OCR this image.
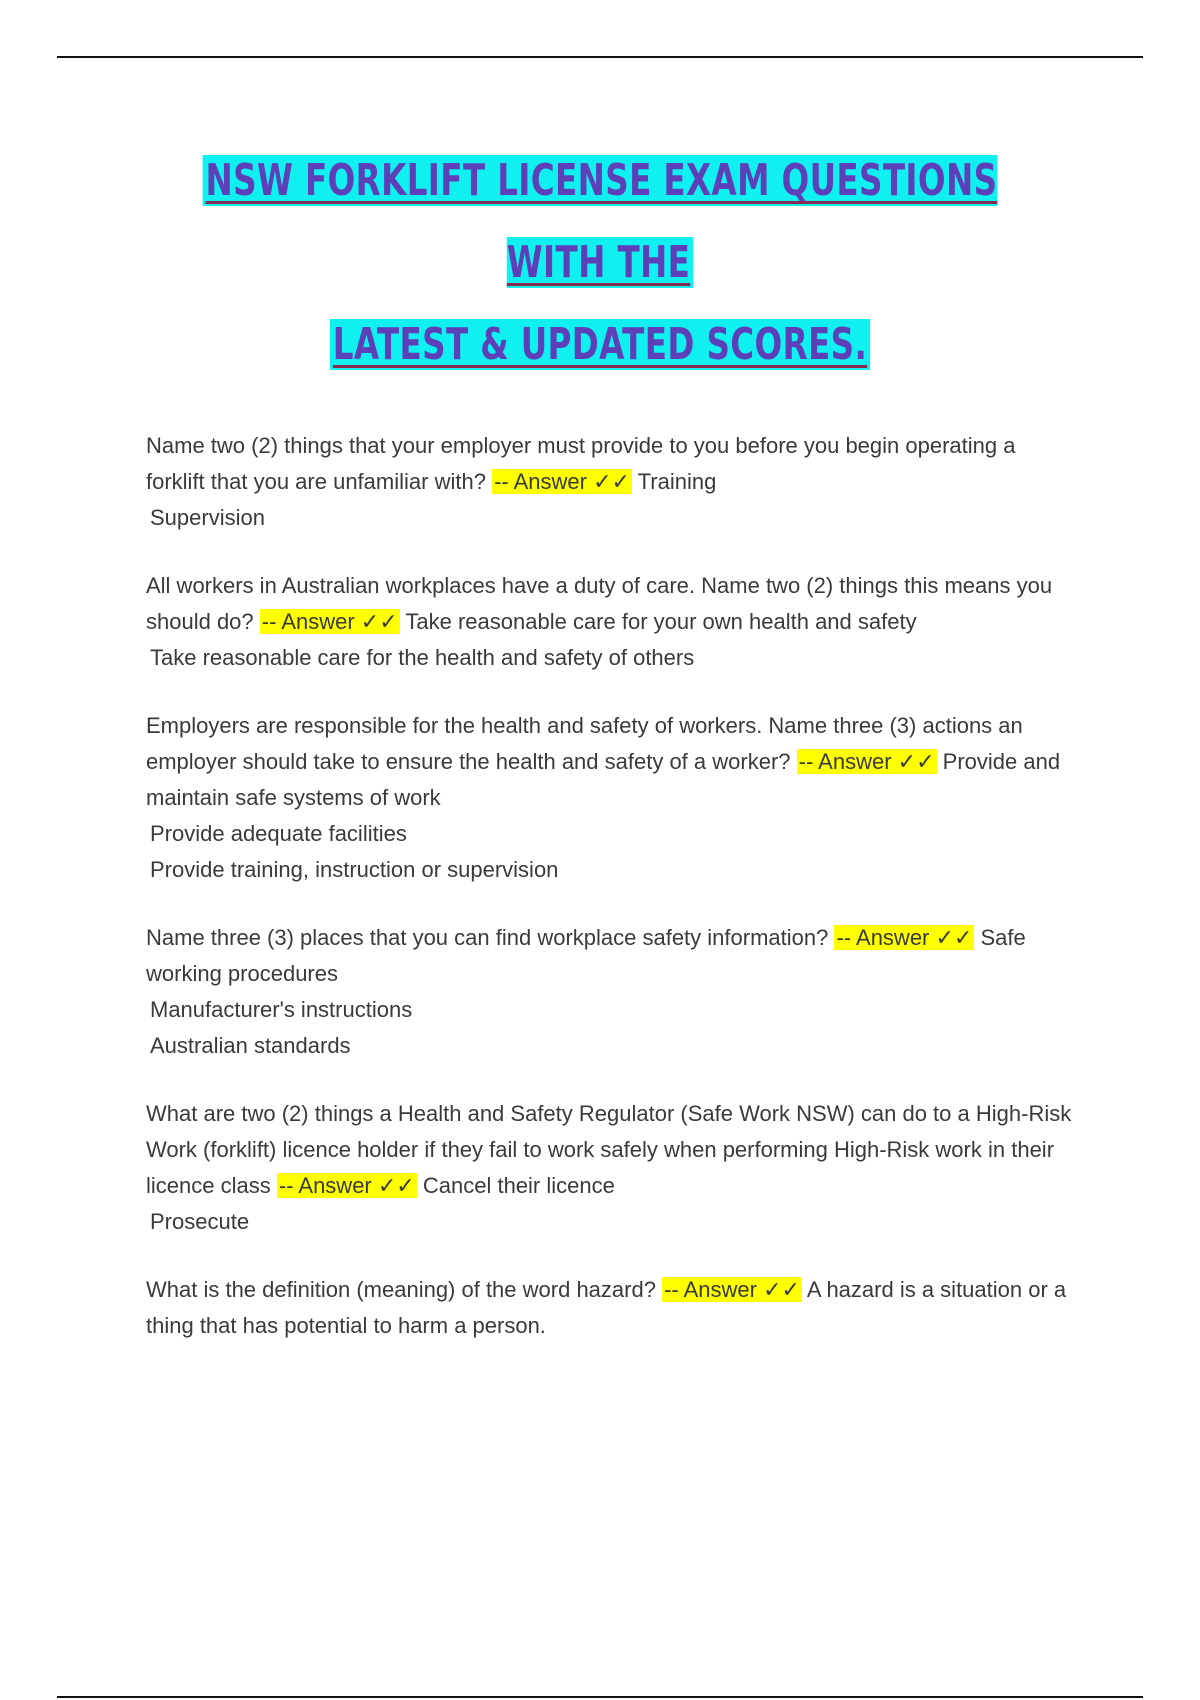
NSW FORKLIFT LICENSE EXAM QUESTIONS WITH THE
LATEST & UPDATED SCORES.
Name two (2) things that your employer must provide to you before you begin operating a forklift that you are unfamiliar with? -- Answer ✓✓ Training
Supervision
All workers in Australian workplaces have a duty of care. Name two (2) things this means you should do? -- Answer ✓✓ Take reasonable care for your own health and safety
Take reasonable care for the health and safety of others
Employers are responsible for the health and safety of workers. Name three (3) actions an employer should take to ensure the health and safety of a worker? -- Answer ✓✓ Provide and maintain safe systems of work
Provide adequate facilities
Provide training, instruction or supervision
Name three (3) places that you can find workplace safety information? -- Answer ✓✓ Safe working procedures
Manufacturer's instructions
Australian standards
What are two (2) things a Health and Safety Regulator (Safe Work NSW) can do to a High-Risk Work (forklift) licence holder if they fail to work safely when performing High-Risk work in their licence class -- Answer ✓✓ Cancel their licence
Prosecute
What is the definition (meaning) of the word hazard? -- Answer ✓✓ A hazard is a situation or a thing that has potential to harm a person.
